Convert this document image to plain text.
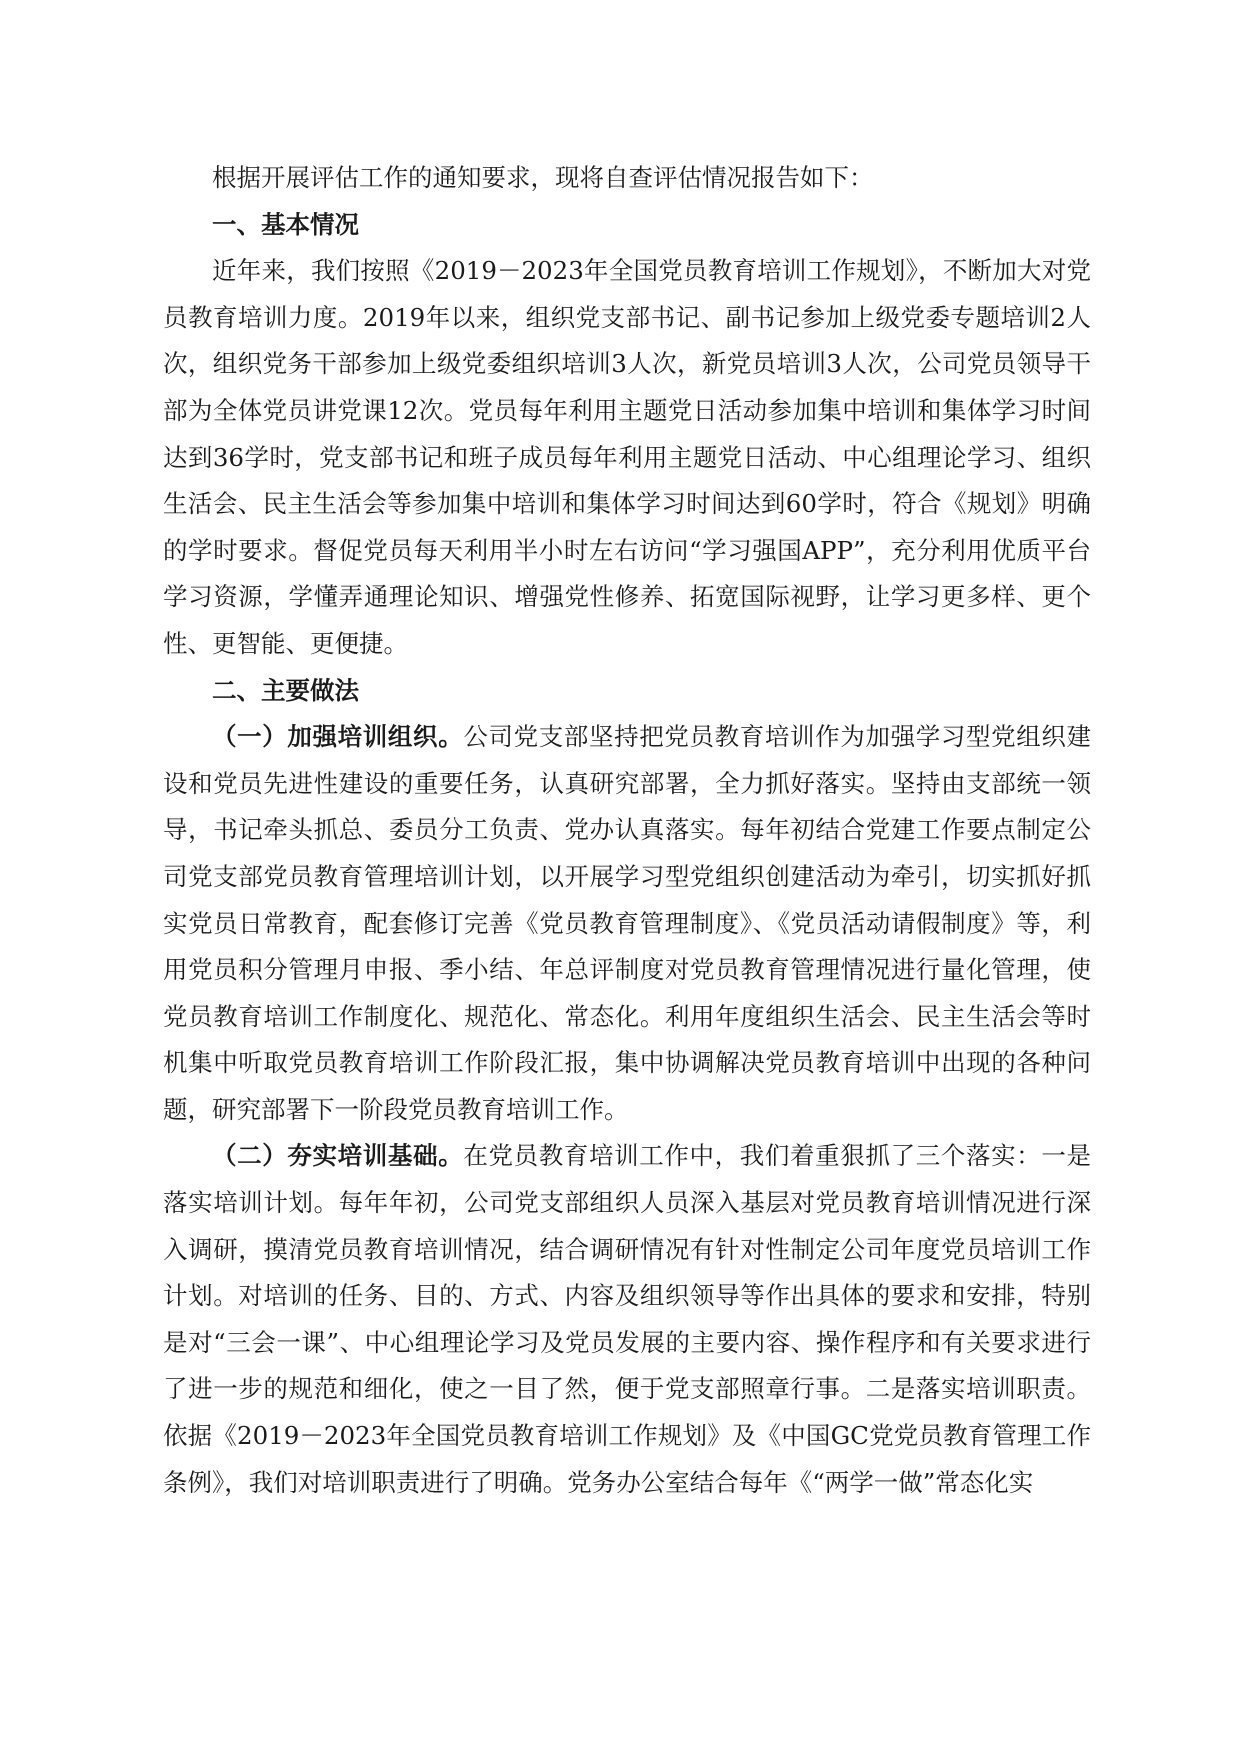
根据开展评估工作的通知要求，现将自查评估情况报告如下：

一、基本情况

近年来，我们按照《2019－2023年全国党员教育培训工作规划》，不断加大对党员教育培训力度。2019年以来，组织党支部书记、副书记参加上级党委专题培训2人次，组织党务干部参加上级党委组织培训3人次，新党员培训3人次，公司党员领导干部为全体党员讲党课12次。党员每年利用主题党日活动参加集中培训和集体学习时间达到36学时，党支部书记和班子成员每年利用主题党日活动、中心组理论学习、组织生活会、民主生活会等参加集中培训和集体学习时间达到60学时，符合《规划》明确的学时要求。督促党员每天利用半小时左右访问“学习强国APP”，充分利用优质平台学习资源，学懂弄通理论知识、增强党性修养、拓宽国际视野，让学习更多样、更个性、更智能、更便捷。

二、主要做法

（一）加强培训组织。公司党支部坚持把党员教育培训作为加强学习型党组织建设和党员先进性建设的重要任务，认真研究部署，全力抓好落实。坚持由支部统一领导，书记牵头抓总、委员分工负责、党办认真落实。每年初结合党建工作要点制定公司党支部党员教育管理培训计划，以开展学习型党组织创建活动为牵引，切实抓好抓实党员日常教育，配套修订完善《党员教育管理制度》、《党员活动请假制度》等，利用党员积分管理月申报、季小结、年总评制度对党员教育管理情况进行量化管理，使党员教育培训工作制度化、规范化、常态化。利用年度组织生活会、民主生活会等时机集中听取党员教育培训工作阶段汇报，集中协调解决党员教育培训中出现的各种问题，研究部署下一阶段党员教育培训工作。

（二）夯实培训基础。在党员教育培训工作中，我们着重狠抓了三个落实：一是落实培训计划。每年年初，公司党支部组织人员深入基层对党员教育培训情况进行深入调研，摸清党员教育培训情况，结合调研情况有针对性制定公司年度党员培训工作计划。对培训的任务、目的、方式、内容及组织领导等作出具体的要求和安排，特别是对“三会一课”、中心组理论学习及党员发展的主要内容、操作程序和有关要求进行了进一步的规范和细化，使之一目了然，便于党支部照章行事。二是落实培训职责。依据《2019－2023年全国党员教育培训工作规划》及《中国GC党党员教育管理工作条例》，我们对培训职责进行了明确。党务办公室结合每年《“两学一做”常态化实
